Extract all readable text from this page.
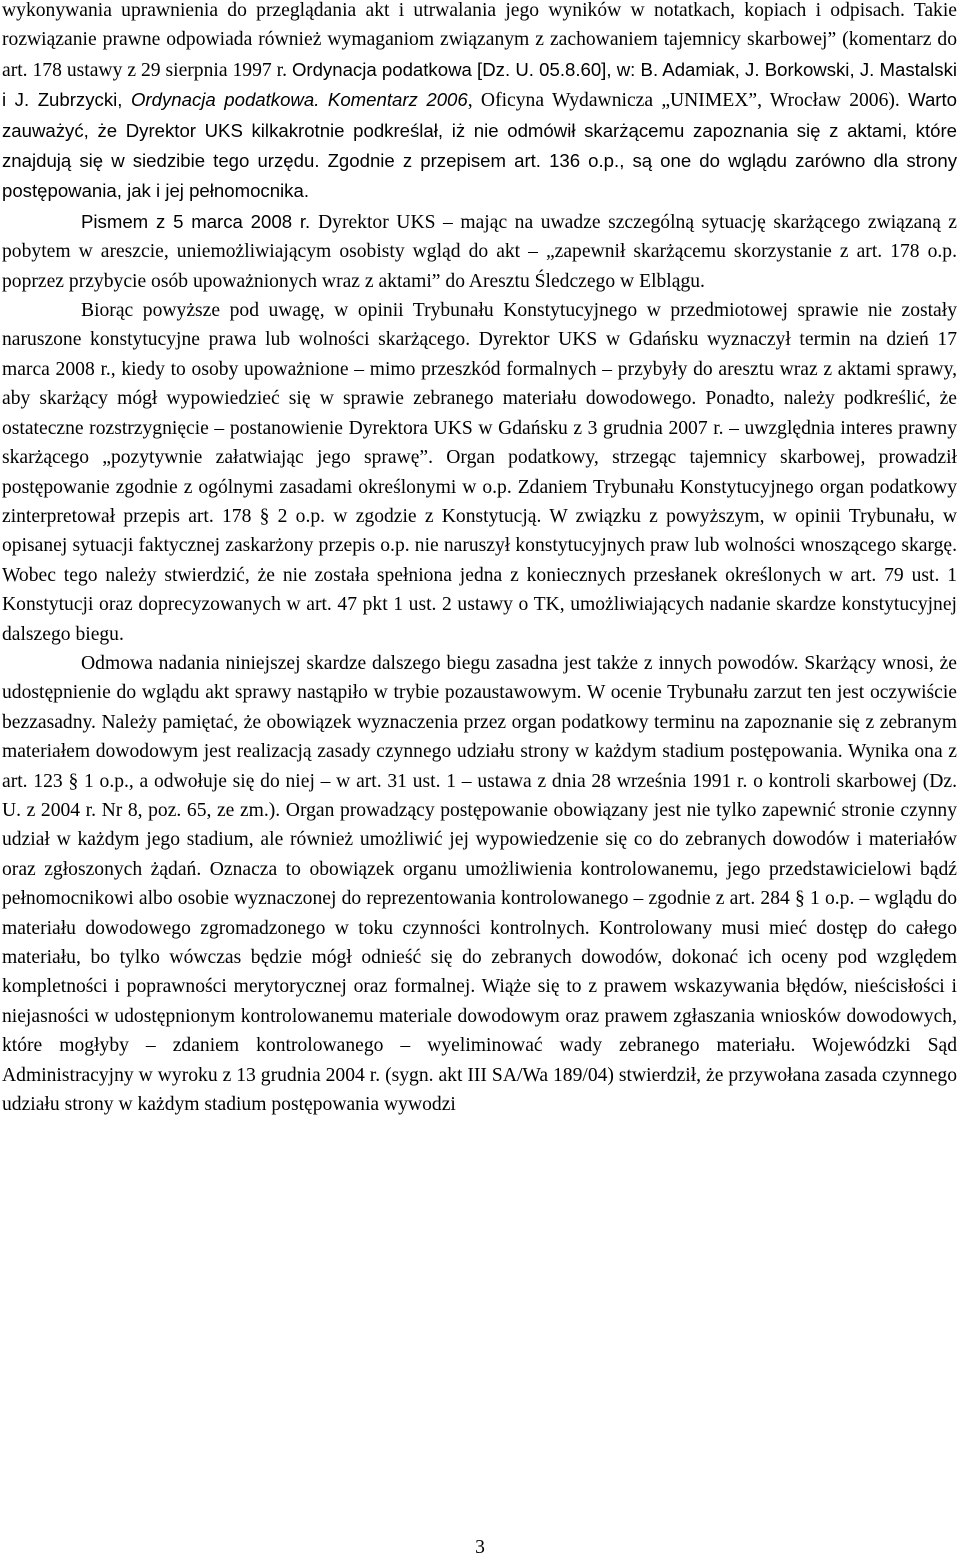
wykonywania uprawnienia do przeglądania akt i utrwalania jego wyników w notatkach, kopiach i odpisach. Takie rozwiązanie prawne odpowiada również wymaganiom związanym z zachowaniem tajemnicy skarbowej” (komentarz do art. 178 ustawy z 29 sierpnia 1997 r. Ordynacja podatkowa [Dz. U. 05.8.60], w: B. Adamiak, J. Borkowski, J. Mastalski i J. Zubrzycki, Ordynacja podatkowa. Komentarz 2006, Oficyna Wydawnicza „UNIMEX”, Wrocław 2006). Warto zauważyć, że Dyrektor UKS kilkakrotnie podkreślał, iż nie odmówił skarżącemu zapoznania się z aktami, które znajdują się w siedzibie tego urzędu. Zgodnie z przepisem art. 136 o.p., są one do wglądu zarówno dla strony postępowania, jak i jej pełnomocnika.

Pismem z 5 marca 2008 r. Dyrektor UKS – mając na uwadze szczególną sytuację skarżącego związaną z pobytem w areszcie, uniemożliwiającym osobisty wgląd do akt – „zapewnił skarżącemu skorzystanie z art. 178 o.p. poprzez przybycie osób upoważnionych wraz z aktami” do Aresztu Śledczego w Elblągu.

Biorąc powyższe pod uwagę, w opinii Trybunału Konstytucyjnego w przedmiotowej sprawie nie zostały naruszone konstytucyjne prawa lub wolności skarżącego. Dyrektor UKS w Gdańsku wyznaczył termin na dzień 17 marca 2008 r., kiedy to osoby upoważnione – mimo przeszkód formalnych – przybyły do aresztu wraz z aktami sprawy, aby skarżący mógł wypowiedzieć się w sprawie zebranego materiału dowodowego. Ponadto, należy podkreślić, że ostateczne rozstrzygnięcie – postanowienie Dyrektora UKS w Gdańsku z 3 grudnia 2007 r. – uwzględnia interes prawny skarżącego „pozytywnie załatwiając jego sprawę”. Organ podatkowy, strzegąc tajemnicy skarbowej, prowadził postępowanie zgodnie z ogólnymi zasadami określonymi w o.p. Zdaniem Trybunału Konstytucyjnego organ podatkowy zinterpretował przepis art. 178 § 2 o.p. w zgodzie z Konstytucją. W związku z powyższym, w opinii Trybunału, w opisanej sytuacji faktycznej zaskarżony przepis o.p. nie naruszył konstytucyjnych praw lub wolności wnoszącego skargę. Wobec tego należy stwierdzić, że nie została spełniona jedna z koniecznych przesłanek określonych w art. 79 ust. 1 Konstytucji oraz doprecyzowanych w art. 47 pkt 1 ust. 2 ustawy o TK, umożliwiających nadanie skardze konstytucyjnej dalszego biegu.

Odmowa nadania niniejszej skardze dalszego biegu zasadna jest także z innych powodów. Skarżący wnosi, że udostępnienie do wglądu akt sprawy nastąpiło w trybie pozaustawowym. W ocenie Trybunału zarzut ten jest oczywiście bezzasadny. Należy pamiętać, że obowiązek wyznaczenia przez organ podatkowy terminu na zapoznanie się z zebranym materiałem dowodowym jest realizacją zasady czynnego udziału strony w każdym stadium postępowania. Wynika ona z art. 123 § 1 o.p., a odwołuje się do niej – w art. 31 ust. 1 – ustawa z dnia 28 września 1991 r. o kontroli skarbowej (Dz. U. z 2004 r. Nr 8, poz. 65, ze zm.). Organ prowadzący postępowanie obowiązany jest nie tylko zapewnić stronie czynny udział w każdym jego stadium, ale również umożliwić jej wypowiedzenie się co do zebranych dowodów i materiałów oraz zgłoszonych żądań. Oznacza to obowiązek organu umożliwienia kontrolowanemu, jego przedstawicielowi bądź pełnomocnikowi albo osobie wyznaczonej do reprezentowania kontrolowanego – zgodnie z art. 284 § 1 o.p. – wglądu do materiału dowodowego zgromadzonego w toku czynności kontrolnych. Kontrolowany musi mieć dostęp do całego materiału, bo tylko wówczas będzie mógł odnieść się do zebranych dowodów, dokonać ich oceny pod względem kompletności i poprawności merytorycznej oraz formalnej. Wiąże się to z prawem wskazywania błędów, nieścisłości i niejasności w udostępnionym kontrolowanemu materiale dowodowym oraz prawem zgłaszania wniosków dowodowych, które mogłyby – zdaniem kontrolowanego – wyeliminować wady zebranego materiału. Wojewódzki Sąd Administracyjny w wyroku z 13 grudnia 2004 r. (sygn. akt III SA/Wa 189/04) stwierdził, że przywołana zasada czynnego udziału strony w każdym stadium postępowania wywodzi

3
